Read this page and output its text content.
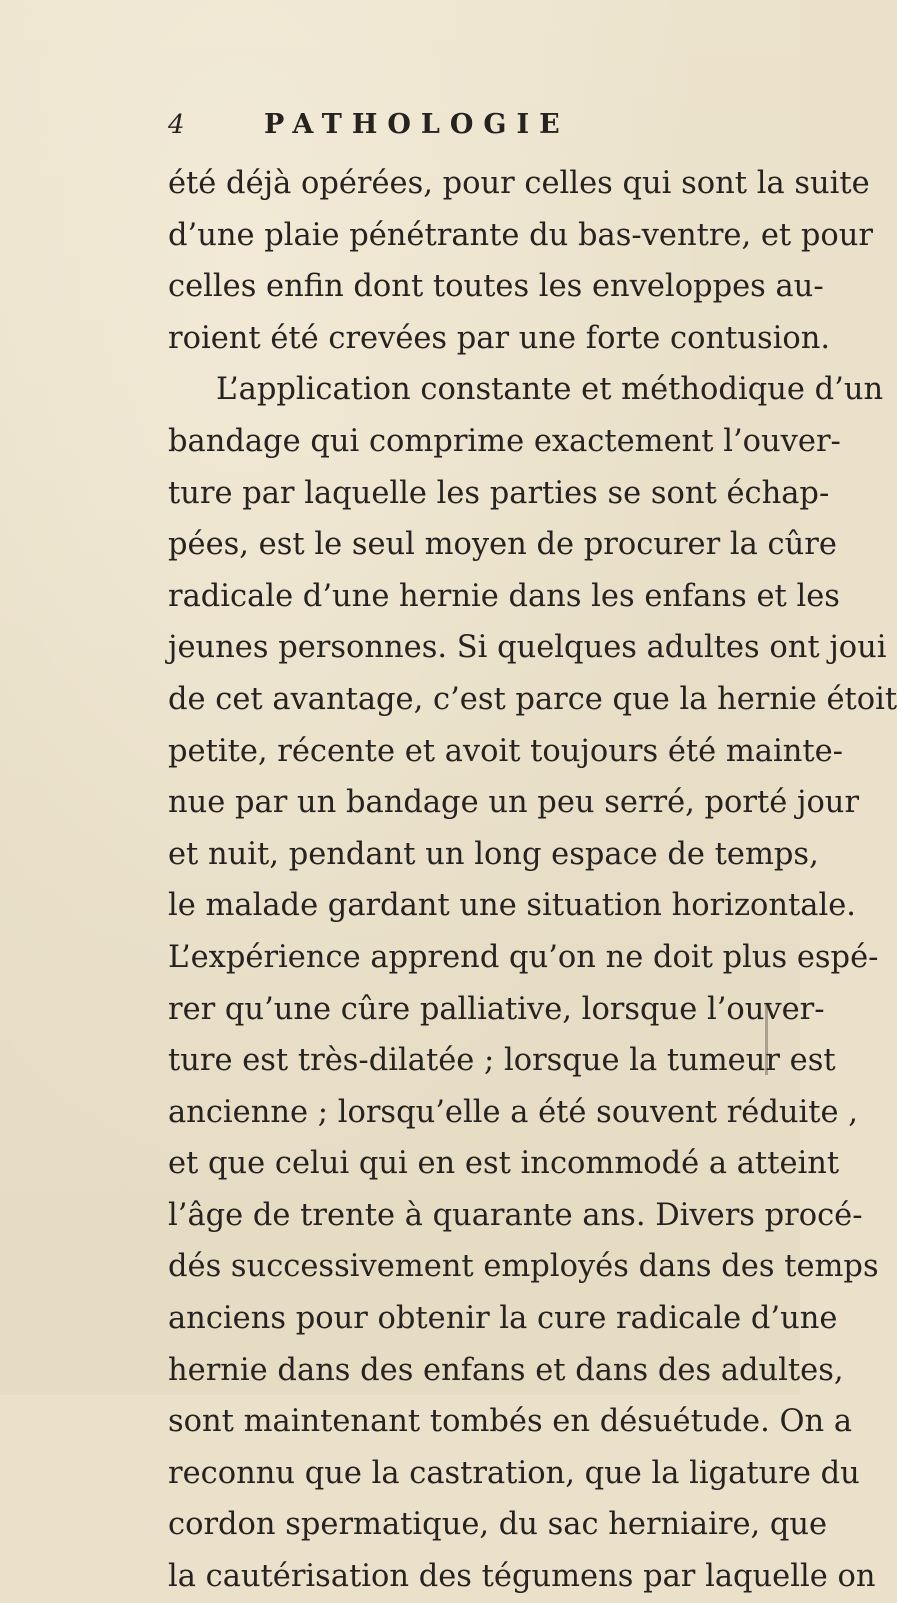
4	PATHOLOGIE
été déjà opérées, pour celles qui sont la suite
d’une plaie pénétrante du bas-ventre, et pour
celles enfin dont toutes les enveloppes au-
roient été crevées par une forte contusion.
L’application constante et méthodique d’un
bandage qui comprime exactement l’ouver-
ture par laquelle les parties se sont échap-
pées, est le seul moyen de procurer la cûre
radicale d’une hernie dans les enfans et les
jeunes personnes. Si quelques adultes ont joui
de cet avantage, c’est parce que la hernie étoit
petite, récente et avoit toujours été mainte-
nue par un bandage un peu serré, porté jour
et nuit, pendant un long espace de temps,
le malade gardant une situation horizontale.
L’expérience apprend qu’on ne doit plus espé-
rer qu’une cûre palliative, lorsque l’ouver-
ture est très-dilatée ; lorsque la tumeur est
ancienne ; lorsqu’elle a été souvent réduite ,
et que celui qui en est incommodé a atteint
l’âge de trente à quarante ans. Divers procé-
dés successivement employés dans des temps
anciens pour obtenir la cure radicale d’une
hernie dans des enfans et dans des adultes,
sont maintenant tombés en désuétude. On a
reconnu que la castration, que la ligature du
cordon spermatique, du sac herniaire, que
la cautérisation des tégumens par laquelle on
